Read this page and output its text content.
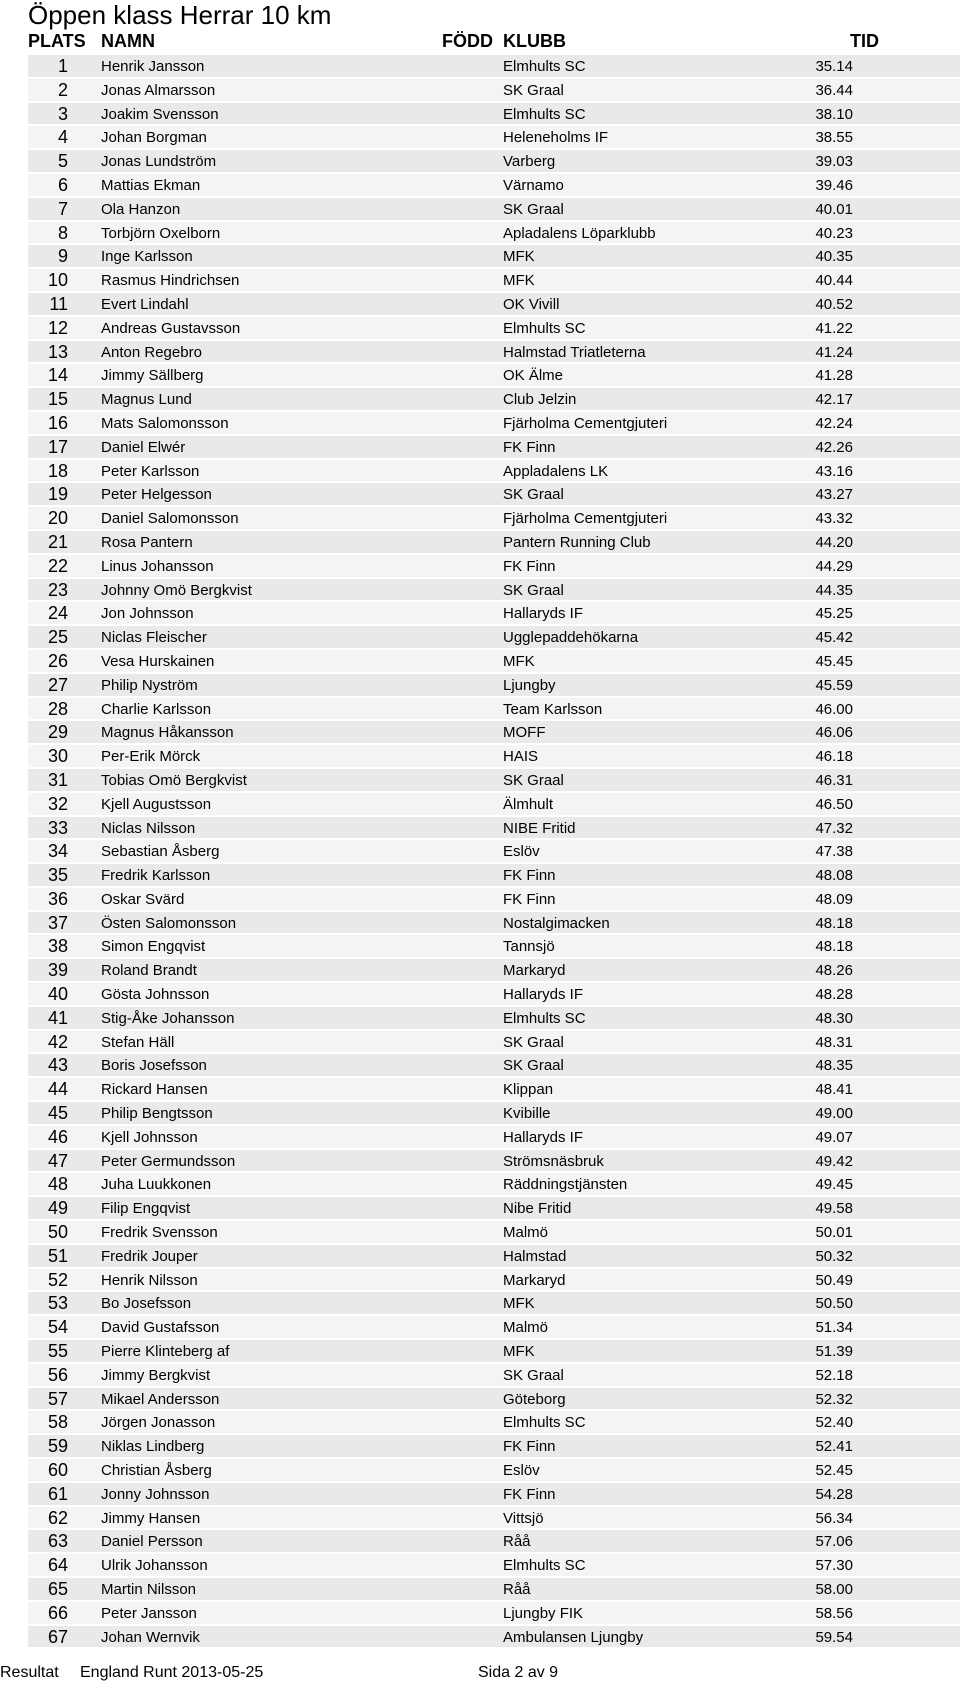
Öppen klass Herrar 10 km
PLATS NAMN	FÖDD KLUBB	TID
1 Henrik Jansson	Elmhults SC	35.14
2 Jonas Almarsson	SK Graal	36.44
3 Joakim Svensson	Elmhults SC	38.10
4 Johan Borgman	Heleneholms IF	38.55
5 Jonas Lundström	Varberg	39.03
6 Mattias Ekman	Värnamo	39.46
7 Ola Hanzon	SK Graal	40.01
8 Torbjörn Oxelborn	Apladalens Löparklubb	40.23
9 Inge Karlsson	MFK	40.35
10 Rasmus Hindrichsen	MFK	40.44
11 Evert Lindahl	OK Vivill	40.52
12 Andreas Gustavsson	Elmhults SC	41.22
13 Anton Regebro	Halmstad Triatleterna	41.24
14 Jimmy Sällberg	OK Älme	41.28
15 Magnus Lund	Club Jelzin	42.17
16 Mats Salomonsson	Fjärholma Cementgjuteri	42.24
17 Daniel Elwér	FK Finn	42.26
18 Peter Karlsson	Appladalens LK	43.16
19 Peter Helgesson	SK Graal	43.27
20 Daniel Salomonsson	Fjärholma Cementgjuteri	43.32
21 Rosa Pantern	Pantern Running Club	44.20
22 Linus Johansson	FK Finn	44.29
23 Johnny Omö Bergkvist	SK Graal	44.35
24 Jon Johnsson	Hallaryds IF	45.25
25 Niclas Fleischer	Ugglepaddehökarna	45.42
26 Vesa Hurskainen	MFK	45.45
27 Philip Nyström	Ljungby	45.59
28 Charlie Karlsson	Team Karlsson	46.00
29 Magnus Håkansson	MOFF	46.06
30 Per-Erik Mörck	HAIS	46.18
31 Tobias Omö Bergkvist	SK Graal	46.31
32 Kjell Augustsson	Älmhult	46.50
33 Niclas Nilsson	NIBE Fritid	47.32
34 Sebastian Åsberg	Eslöv	47.38
35 Fredrik Karlsson	FK Finn	48.08
36 Oskar Svärd	FK Finn	48.09
37 Östen Salomonsson	Nostalgimacken	48.18
38 Simon Engqvist	Tannsjö	48.18
39 Roland Brandt	Markaryd	48.26
40 Gösta Johnsson	Hallaryds IF	48.28
41 Stig-Åke Johansson	Elmhults SC	48.30
42 Stefan Häll	SK Graal	48.31
43 Boris Josefsson	SK Graal	48.35
44 Rickard Hansen	Klippan	48.41
45 Philip Bengtsson	Kvibille	49.00
46 Kjell Johnsson	Hallaryds IF	49.07
47 Peter Germundsson	Strömsnäsbruk	49.42
48 Juha Luukkonen	Räddningstjänsten	49.45
49 Filip Engqvist	Nibe Fritid	49.58
50 Fredrik Svensson	Malmö	50.01
51 Fredrik Jouper	Halmstad	50.32
52 Henrik Nilsson	Markaryd	50.49
53 Bo Josefsson	MFK	50.50
54 David Gustafsson	Malmö	51.34
55 Pierre Klinteberg af	MFK	51.39
56 Jimmy Bergkvist	SK Graal	52.18
57 Mikael Andersson	Göteborg	52.32
58 Jörgen Jonasson	Elmhults SC	52.40
59 Niklas Lindberg	FK Finn	52.41
60 Christian Åsberg	Eslöv	52.45
61 Jonny Johnsson	FK Finn	54.28
62 Jimmy Hansen	Vittsjö	56.34
63 Daniel Persson	Råå	57.06
64 Ulrik Johansson	Elmhults SC	57.30
65 Martin Nilsson	Råå	58.00
66 Peter Jansson	Ljungby FIK	58.56
67 Johan Wernvik	Ambulansen Ljungby	59.54
Resultat England Runt 2013-05-25	Sida 2 av 9
